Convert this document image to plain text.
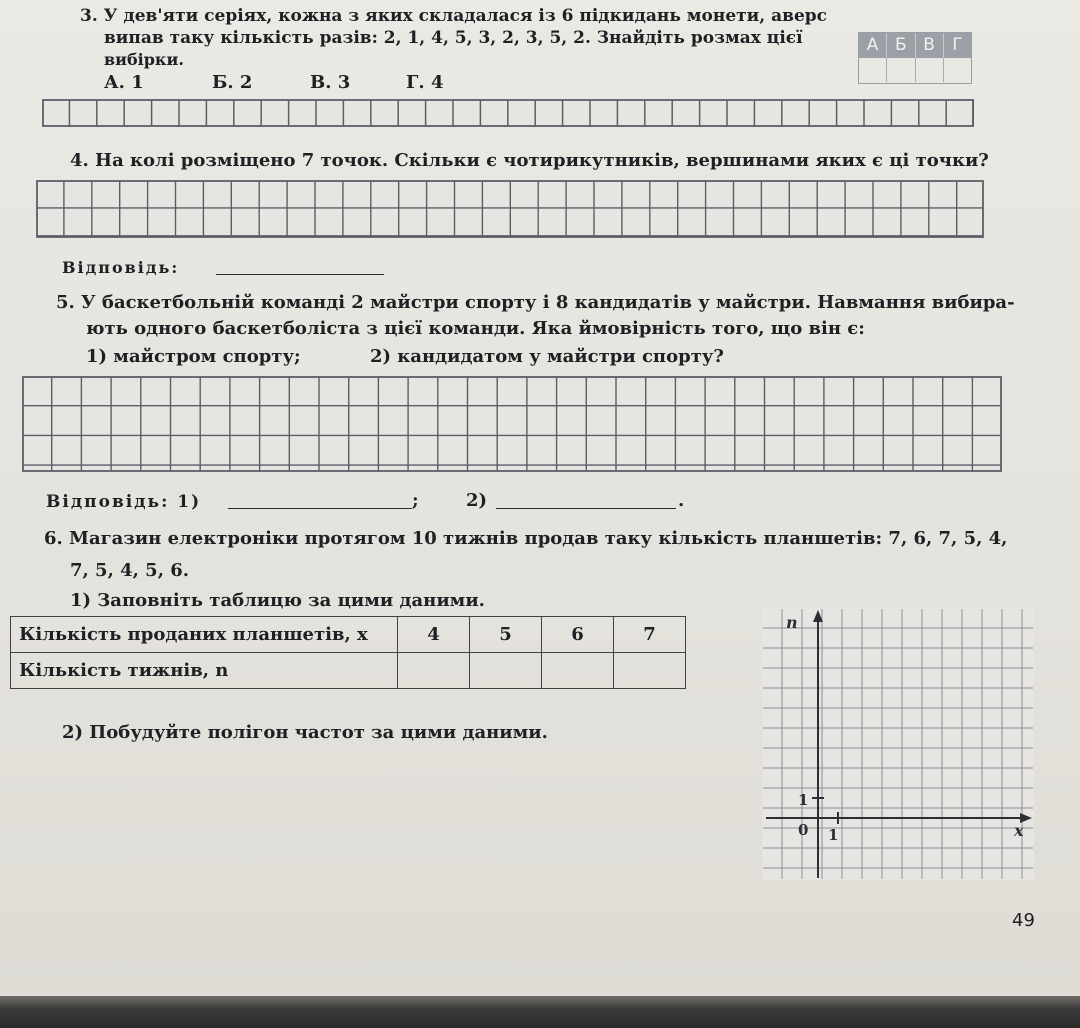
3. У дев'яти серіях, кожна з яких складалася із 6 підкидань монети, аверс
випав таку кількість разів: 2, 1, 4, 5, 3, 2, 3, 5, 2. Знайдіть розмах цієї
вибірки.
А. 1	Б. 2	В. 3	Г. 4
А Б В	Г
4. На колі розміщено 7 точок. Скільки є чотирикутників, вершинами яких є ці точки?
Відповідь:
5. У баскетбольній команді 2 майстри спорту і 8 кандидатів у майстри. Навмання вибира-
ють одного баскетболіста з цієї команди. Яка ймовірність того, що він є:
1) майстром спорту;	2) кандидатом у майстри спорту?
Відповідь: 1)	;	2)	.
6. Магазин електроніки протягом 10 тижнів продав таку кількість планшетів: 7, 6, 7, 5, 4,
7, 5, 4, 5, 6.
1) Заповніть таблицю за цими даними.
Кількість проданих планшетів, x	4	5	6	7
Кількість тижнів, n				
2) Побудуйте полігон частот за цими даними.
n
x
0 1
1
49
